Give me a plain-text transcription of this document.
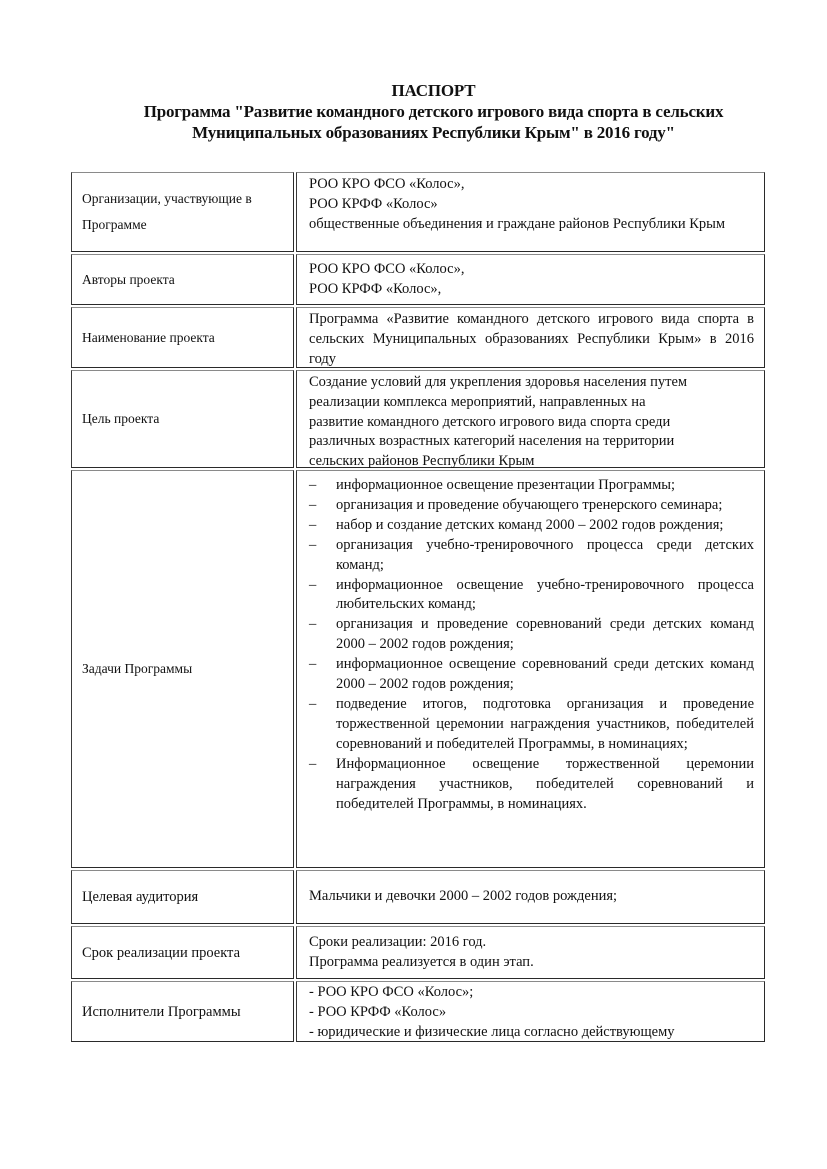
ПАСПОРТ
Программа "Развитие командного детского игрового вида спорта в сельских
Муниципальных образованиях Республики Крым" в 2016 году"
Организации, участвующие в Программе
РОО КРО ФСО «Колос»,
РОО КРФФ «Колос»
общественные объединения и граждане районов Республики Крым
Авторы проекта
РОО КРО ФСО «Колос»,
РОО КРФФ «Колос»,
Наименование проекта
Программа «Развитие командного детского игрового вида спорта в сельских Муниципальных образованиях Республики Крым» в 2016 году
Цель проекта
Создание условий для укрепления здоровья населения путем
реализации комплекса мероприятий, направленных на
развитие командного детского игрового вида спорта среди
различных возрастных категорий населения на территории
сельских районов Республики Крым
Задачи Программы
– информационное освещение презентации Программы;
– организация и проведение обучающего тренерского семинара;
– набор и создание детских команд 2000 – 2002 годов рождения;
– организация учебно-тренировочного процесса среди детских команд;
– информационное освещение учебно-тренировочного процесса любительских команд;
– организация и проведение соревнований среди детских команд 2000 – 2002 годов рождения;
– информационное освещение соревнований среди детских команд 2000 – 2002 годов рождения;
– подведение итогов, подготовка организация и проведение торжественной церемонии награждения участников, победителей соревнований и победителей Программы, в номинациях;
– Информационное освещение торжественной церемонии награждения участников, победителей соревнований и победителей Программы, в номинациях.
Целевая аудитория	Мальчики и девочки 2000 – 2002 годов рождения;
Срок реализации проекта
Сроки реализации: 2016 год.
Программа реализуется в один этап.
Исполнители Программы
- РОО КРО ФСО «Колос»;
- РОО КРФФ «Колос»
- юридические и физические лица согласно действующему
